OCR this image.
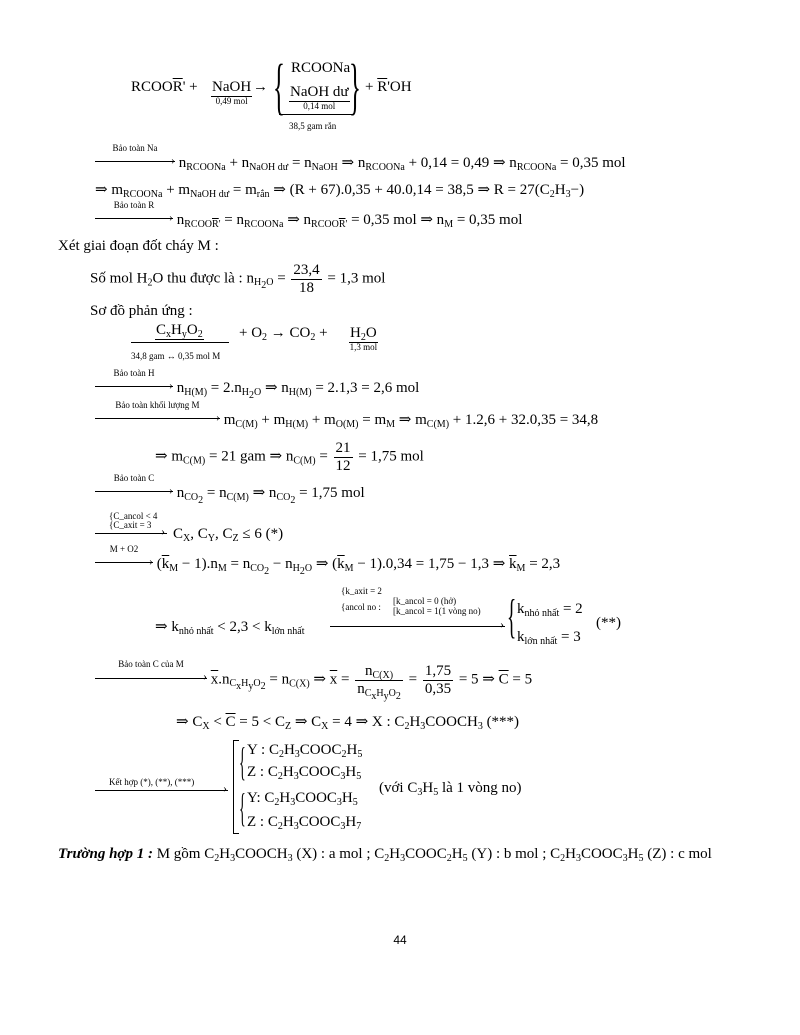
$RCOO\overline{R}'$ + NaOH
0,49 mol
→ { RCOONa
NaOH dư
0,14 mol } + $\overline{R}'OH$
38,5 gam rắn
Bảo toàn Na
› $n_{RCOONa} + n_{NaOH dư} = n_{NaOH}$ ⇒ $n_{RCOONa} + 0,14 = 0,49$ ⇒ $n_{RCOONa} = 0,35$ mol
⇒ $m_{RCOONa} + m_{NaOH dư} = m_{rắn}$ ⇒ (R + 67).0,35 + 40.0,14 = 38,5 ⇒ $R = 27(C_2H_3-)$
Bảo toàn R
› $n_{RCOO\overline{R}'} = n_{RCOONa}$ ⇒ $n_{RCOO\overline{R}'} = 0,35$ mol ⇒ $n_M = 0,35$ mol
Xét giai đoạn đốt cháy M :
Số mol $H_2O$ thu được là : $n_{H_2O} = \frac{23,4}{18} = 1,3$ mol
Sơ đồ phản ứng :
$C_xH_yO_2$
34,8 gam ↔ 0,35 mol M
+ $O_2 \to CO_2 + H_2O$
1,3 mol
Bảo toàn H
› $n_{H(M)} = 2.n_{H_2O}$ ⇒ $n_{H(M)} = 2.1,3 = 2,6$ mol
Bảo toàn khối lượng M
› $m_{C(M)} + m_{H(M)} + m_{O(M)} = m_M$ ⇒ $m_{C(M)} + 1.2,6 + 32.0,35 = 34,8$
⇒ $m_{C(M)} = 21$ gam ⇒ $n_{C(M)} = \frac{21}{12} = 1,75$ mol
Bảo toàn C
› $n_{CO_2} = n_{C(M)}$ ⇒ $n_{CO_2} = 1,75$ mol
{C_ancol < 4
{C_axit = 3 › $C_X$, $C_Y$, $C_Z \le 6$ (*)
M + O2
› $(\overline{k}_M - 1).n_M = n_{CO_2} - n_{H_2O}$ ⇒ $(\overline{k}_M - 1).0,34 = 1,75 - 1,3$ ⇒ $\overline{k}_M = 2,3$
⇒ $k_{nhỏ nhất} < 2,3 < k_{lớn nhất}$
{k_axit = 2
{ancol no :
[k_ancol = 0 (hở)
[k_ancol = 1(1 vòng no)
› { $k_{nhỏ nhất} = 2$
$k_{lớn nhất} = 3$
(**)
Bảo toàn C của M
› $\overline{x}.n_{C_xH_yO_2} = n_{C(X)}$ ⇒ $\overline{x} = \frac{n_{C(X)}}{n_{C_xH_yO_2}} = \frac{1,75}{0,35} = 5$ ⇒ $\overline{C} = 5$
⇒ $C_X < \overline{C} = 5 < C_Z$ ⇒ $C_X = 4$ ⇒ X : $C_2H_3COOCH_3$ (***)
Kết hợp (*), (**), (***) ›
{ Y : $C_2H_3COOC_2H_5$
Z : $C_2H_3COOC_3H_5$
{ Y: $C_2H_3COOC_3H_5$
Z : $C_2H_3COOC_3H_7$
(với $C_3H_5$ là 1 vòng no)
Trường hợp 1 : M gồm $C_2H_3COOCH_3$ (X) : a mol ; $C_2H_3COOC_2H_5$ (Y) : b mol ; $C_2H_3COOC_3H_5$ (Z) : c mol
44
